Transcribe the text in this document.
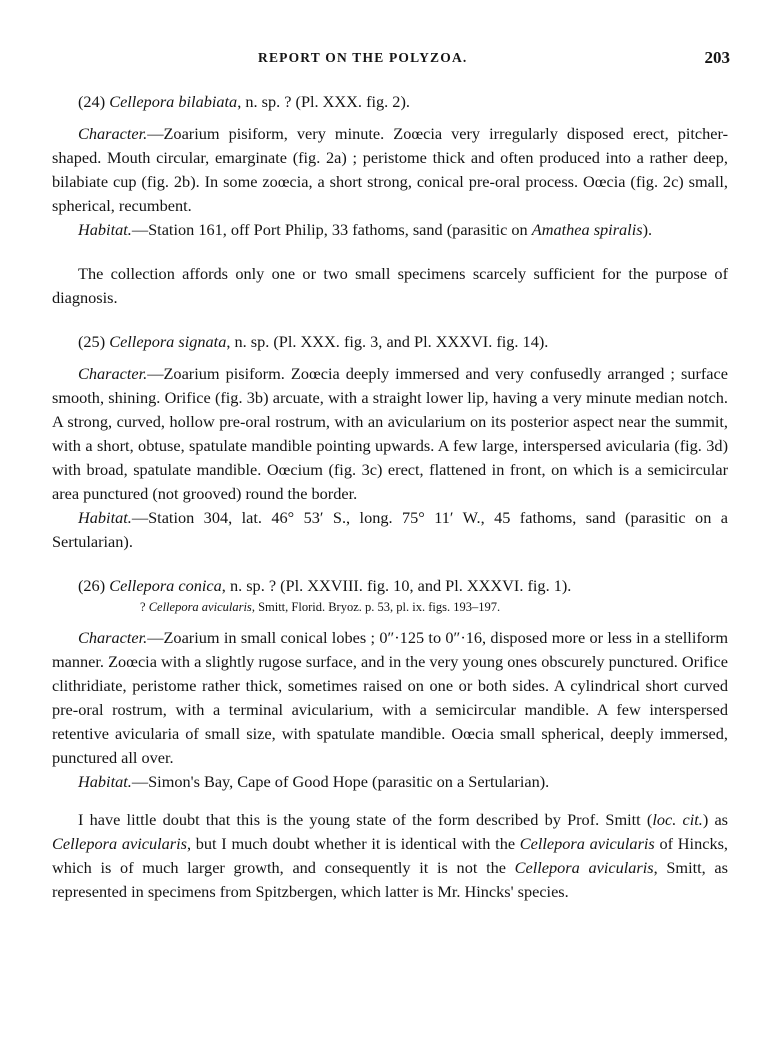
REPORT ON THE POLYZOA.	203

(24) Cellepora bilabiata, n. sp. ? (Pl. XXX. fig. 2).

Character.—Zoarium pisiform, very minute. Zoœcia very irregularly disposed erect, pitcher-shaped. Mouth circular, emarginate (fig. 2a) ; peristome thick and often produced into a rather deep, bilabiate cup (fig. 2b). In some zoœcia, a short strong, conical pre-oral process. Oœcia (fig. 2c) small, spherical, recumbent.

Habitat.—Station 161, off Port Philip, 33 fathoms, sand (parasitic on Amathea spiralis).

The collection affords only one or two small specimens scarcely sufficient for the purpose of diagnosis.

(25) Cellepora signata, n. sp. (Pl. XXX. fig. 3, and Pl. XXXVI. fig. 14).

Character.—Zoarium pisiform. Zoœcia deeply immersed and very confusedly arranged ; surface smooth, shining. Orifice (fig. 3b) arcuate, with a straight lower lip, having a very minute median notch. A strong, curved, hollow pre-oral rostrum, with an avicularium on its posterior aspect near the summit, with a short, obtuse, spatulate mandible pointing upwards. A few large, interspersed avicularia (fig. 3d) with broad, spatulate mandible. Oœcium (fig. 3c) erect, flattened in front, on which is a semicircular area punctured (not grooved) round the border.

Habitat.—Station 304, lat. 46° 53′ S., long. 75° 11′ W., 45 fathoms, sand (parasitic on a Sertularian).

(26) Cellepora conica, n. sp. ? (Pl. XXVIII. fig. 10, and Pl. XXXVI. fig. 1).

? Cellepora avicularis, Smitt, Florid. Bryoz. p. 53, pl. ix. figs. 193–197.

Character.—Zoarium in small conical lobes ; 0″·125 to 0″·16, disposed more or less in a stelliform manner. Zoœcia with a slightly rugose surface, and in the very young ones obscurely punctured. Orifice clithridiate, peristome rather thick, sometimes raised on one or both sides. A cylindrical short curved pre-oral rostrum, with a terminal avicularium, with a semicircular mandible. A few interspersed retentive avicularia of small size, with spatulate mandible. Oœcia small spherical, deeply immersed, punctured all over.

Habitat.—Simon's Bay, Cape of Good Hope (parasitic on a Sertularian).

I have little doubt that this is the young state of the form described by Prof. Smitt (loc. cit.) as Cellepora avicularis, but I much doubt whether it is identical with the Cellepora avicularis of Hincks, which is of much larger growth, and consequently it is not the Cellepora avicularis, Smitt, as represented in specimens from Spitzbergen, which latter is Mr. Hincks' species.
